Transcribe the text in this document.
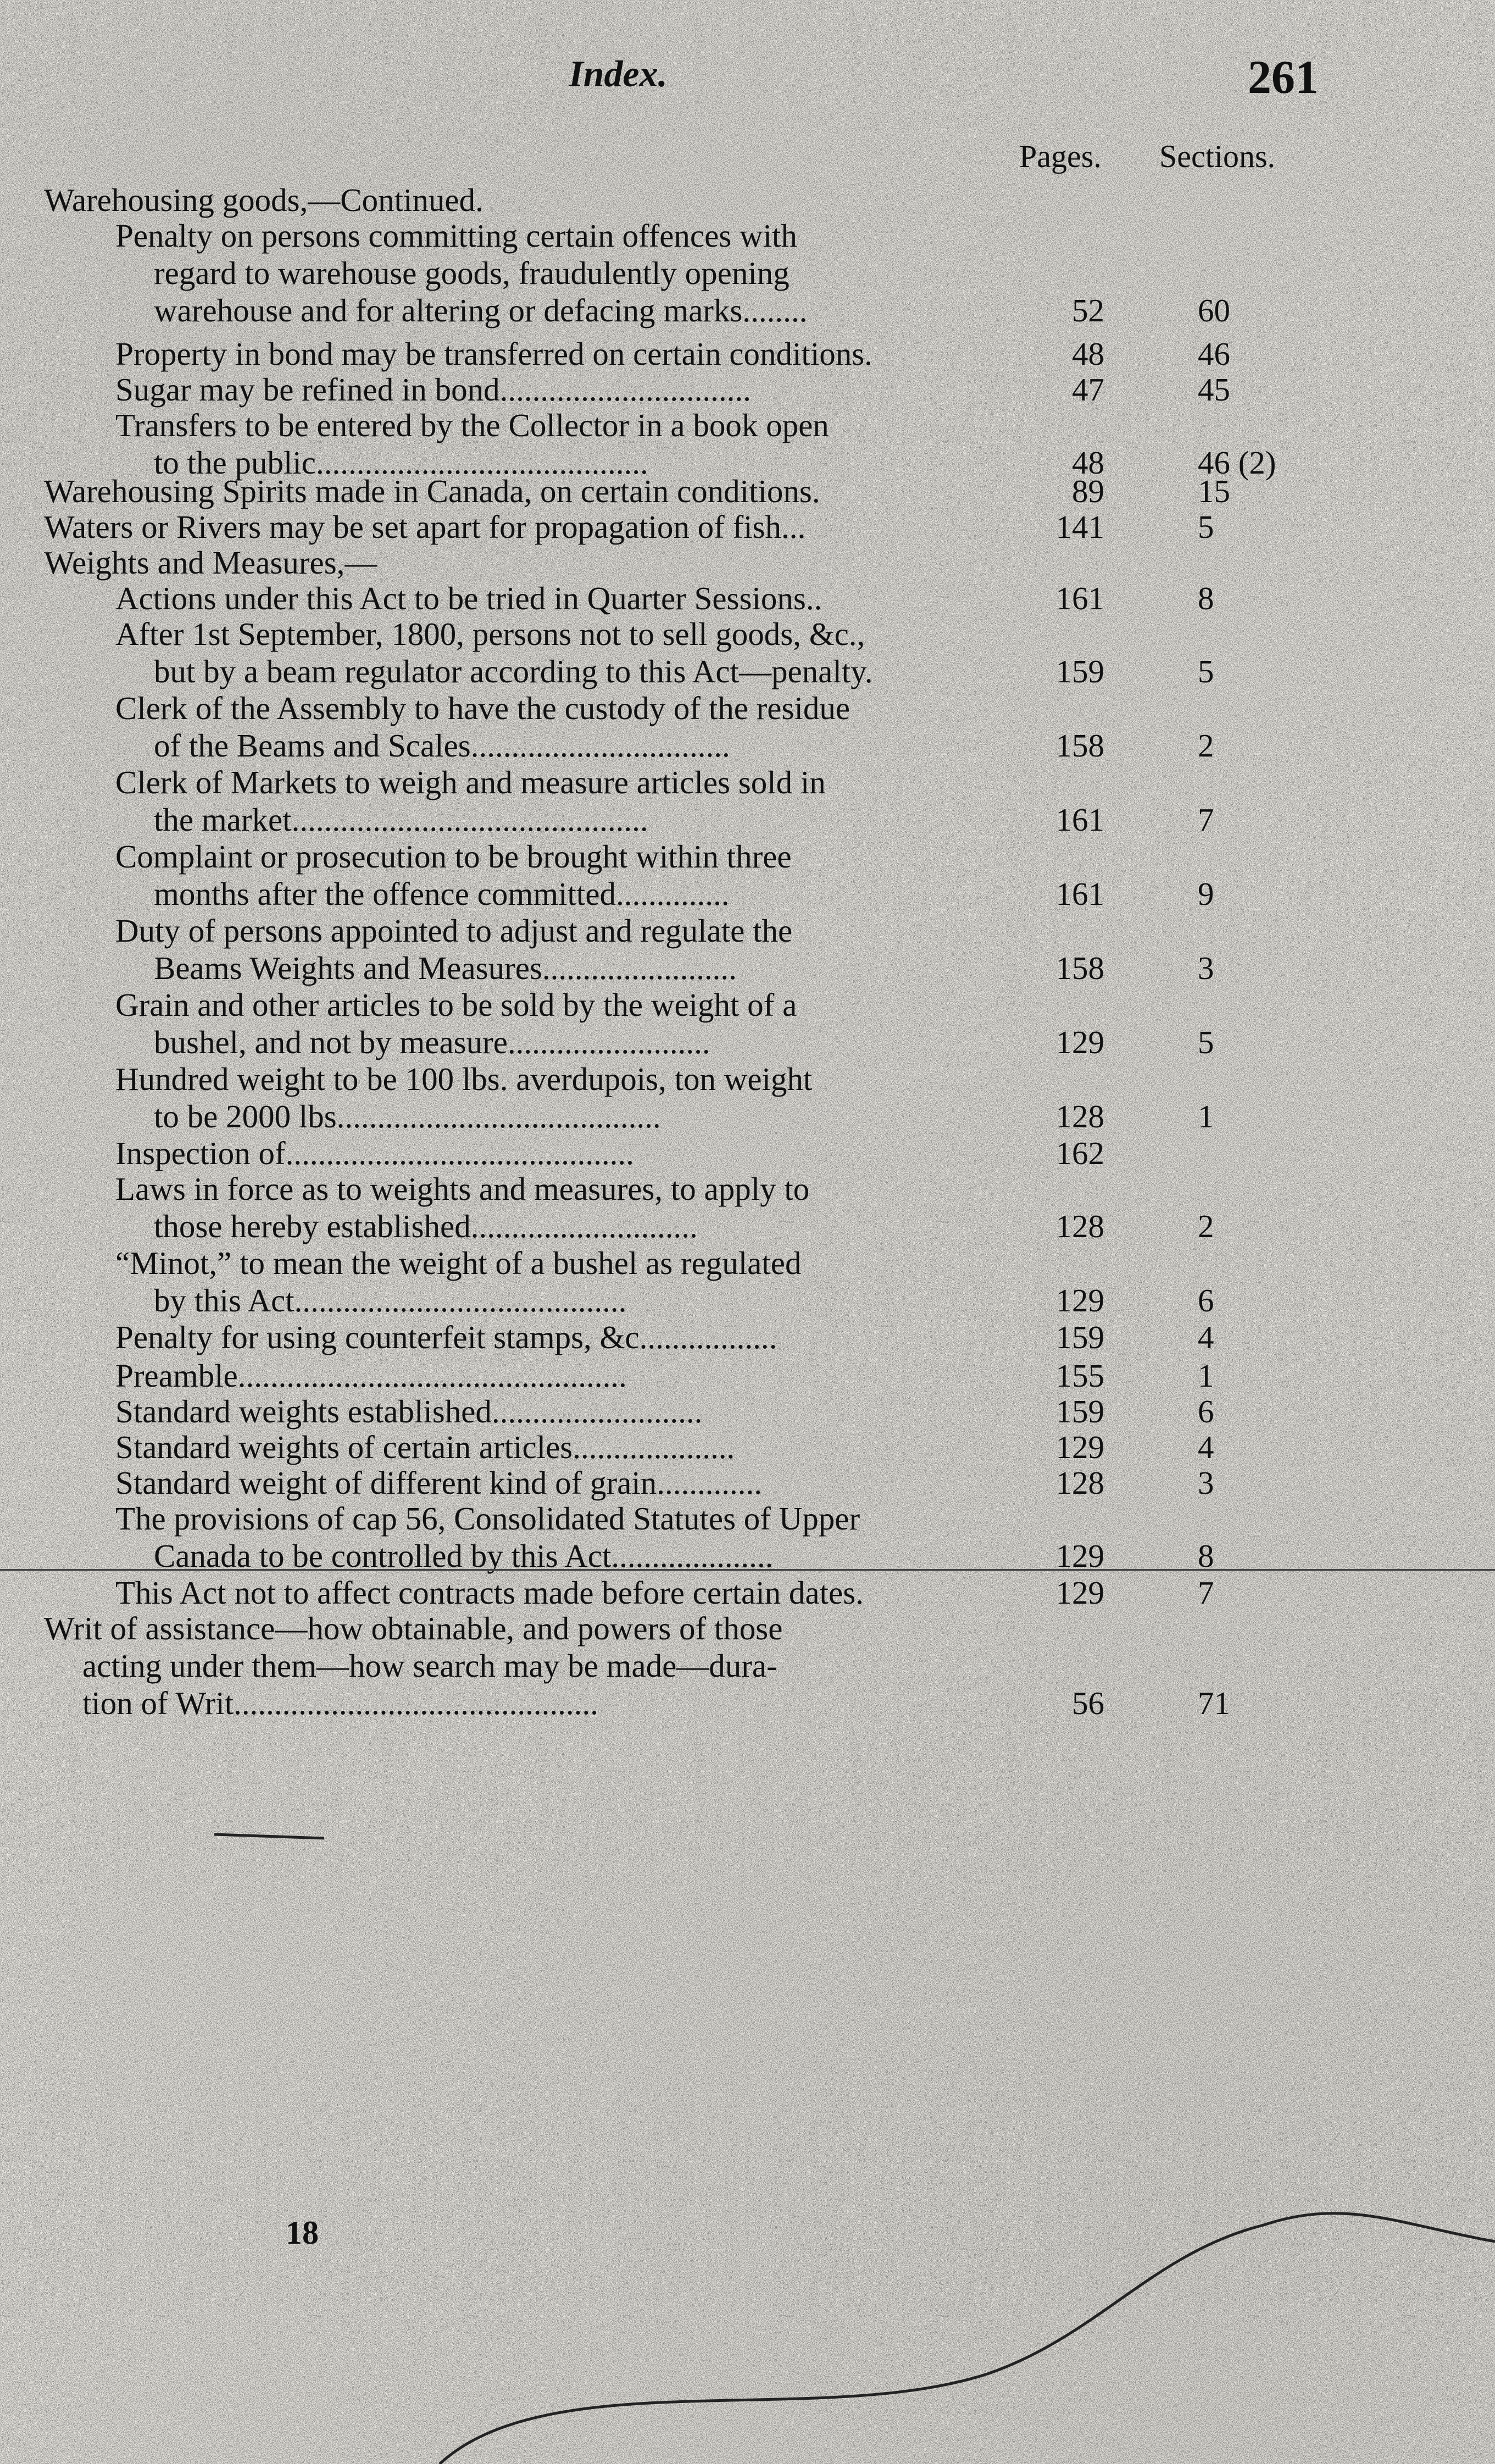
Index.	261
Pages. Sections.
Warehousing goods,—Continued.
Penalty on persons committing certain offences with
regard to warehouse goods, fraudulently opening
warehouse and for altering or defacing marks........	52	60
Property in bond may be transferred on certain conditions.	48	46
Sugar may be refined in bond...............................	47	45
Transfers to be entered by the Collector in a book open
to the public.........................................	48	46 (2)
Warehousing Spirits made in Canada, on certain conditions.	89	15
Waters or Rivers may be set apart for propagation of fish...	141	5
Weights and Measures,—
Actions under this Act to be tried in Quarter Sessions..	161	8
After 1st September, 1800, persons not to sell goods, &c.,
but by a beam regulator according to this Act—penalty.	159	5
Clerk of the Assembly to have the custody of the residue
of the Beams and Scales................................	158	2
Clerk of Markets to weigh and measure articles sold in
the market............................................	161	7
Complaint or prosecution to be brought within three
months after the offence committed..............	161	9
Duty of persons appointed to adjust and regulate the
Beams Weights and Measures........................	158	3
Grain and other articles to be sold by the weight of a
bushel, and not by measure.........................	129	5
Hundred weight to be 100 lbs. averdupois, ton weight
to be 2000 lbs........................................	128	1
Inspection of...........................................	162
Laws in force as to weights and measures, to apply to
those hereby established............................	128	2
“Minot,” to mean the weight of a bushel as regulated
by this Act.........................................	129	6
Penalty for using counterfeit stamps, &c.................	159	4
Preamble................................................	155	1
Standard weights established..........................	159	6
Standard weights of certain articles....................	129	4
Standard weight of different kind of grain.............	128	3
The provisions of cap 56, Consolidated Statutes of Upper
Canada to be controlled by this Act....................	129	8
This Act not to affect contracts made before certain dates.	129	7
Writ of assistance—how obtainable, and powers of those
acting under them—how search may be made—dura-
tion of Writ.............................................	56	71
18
